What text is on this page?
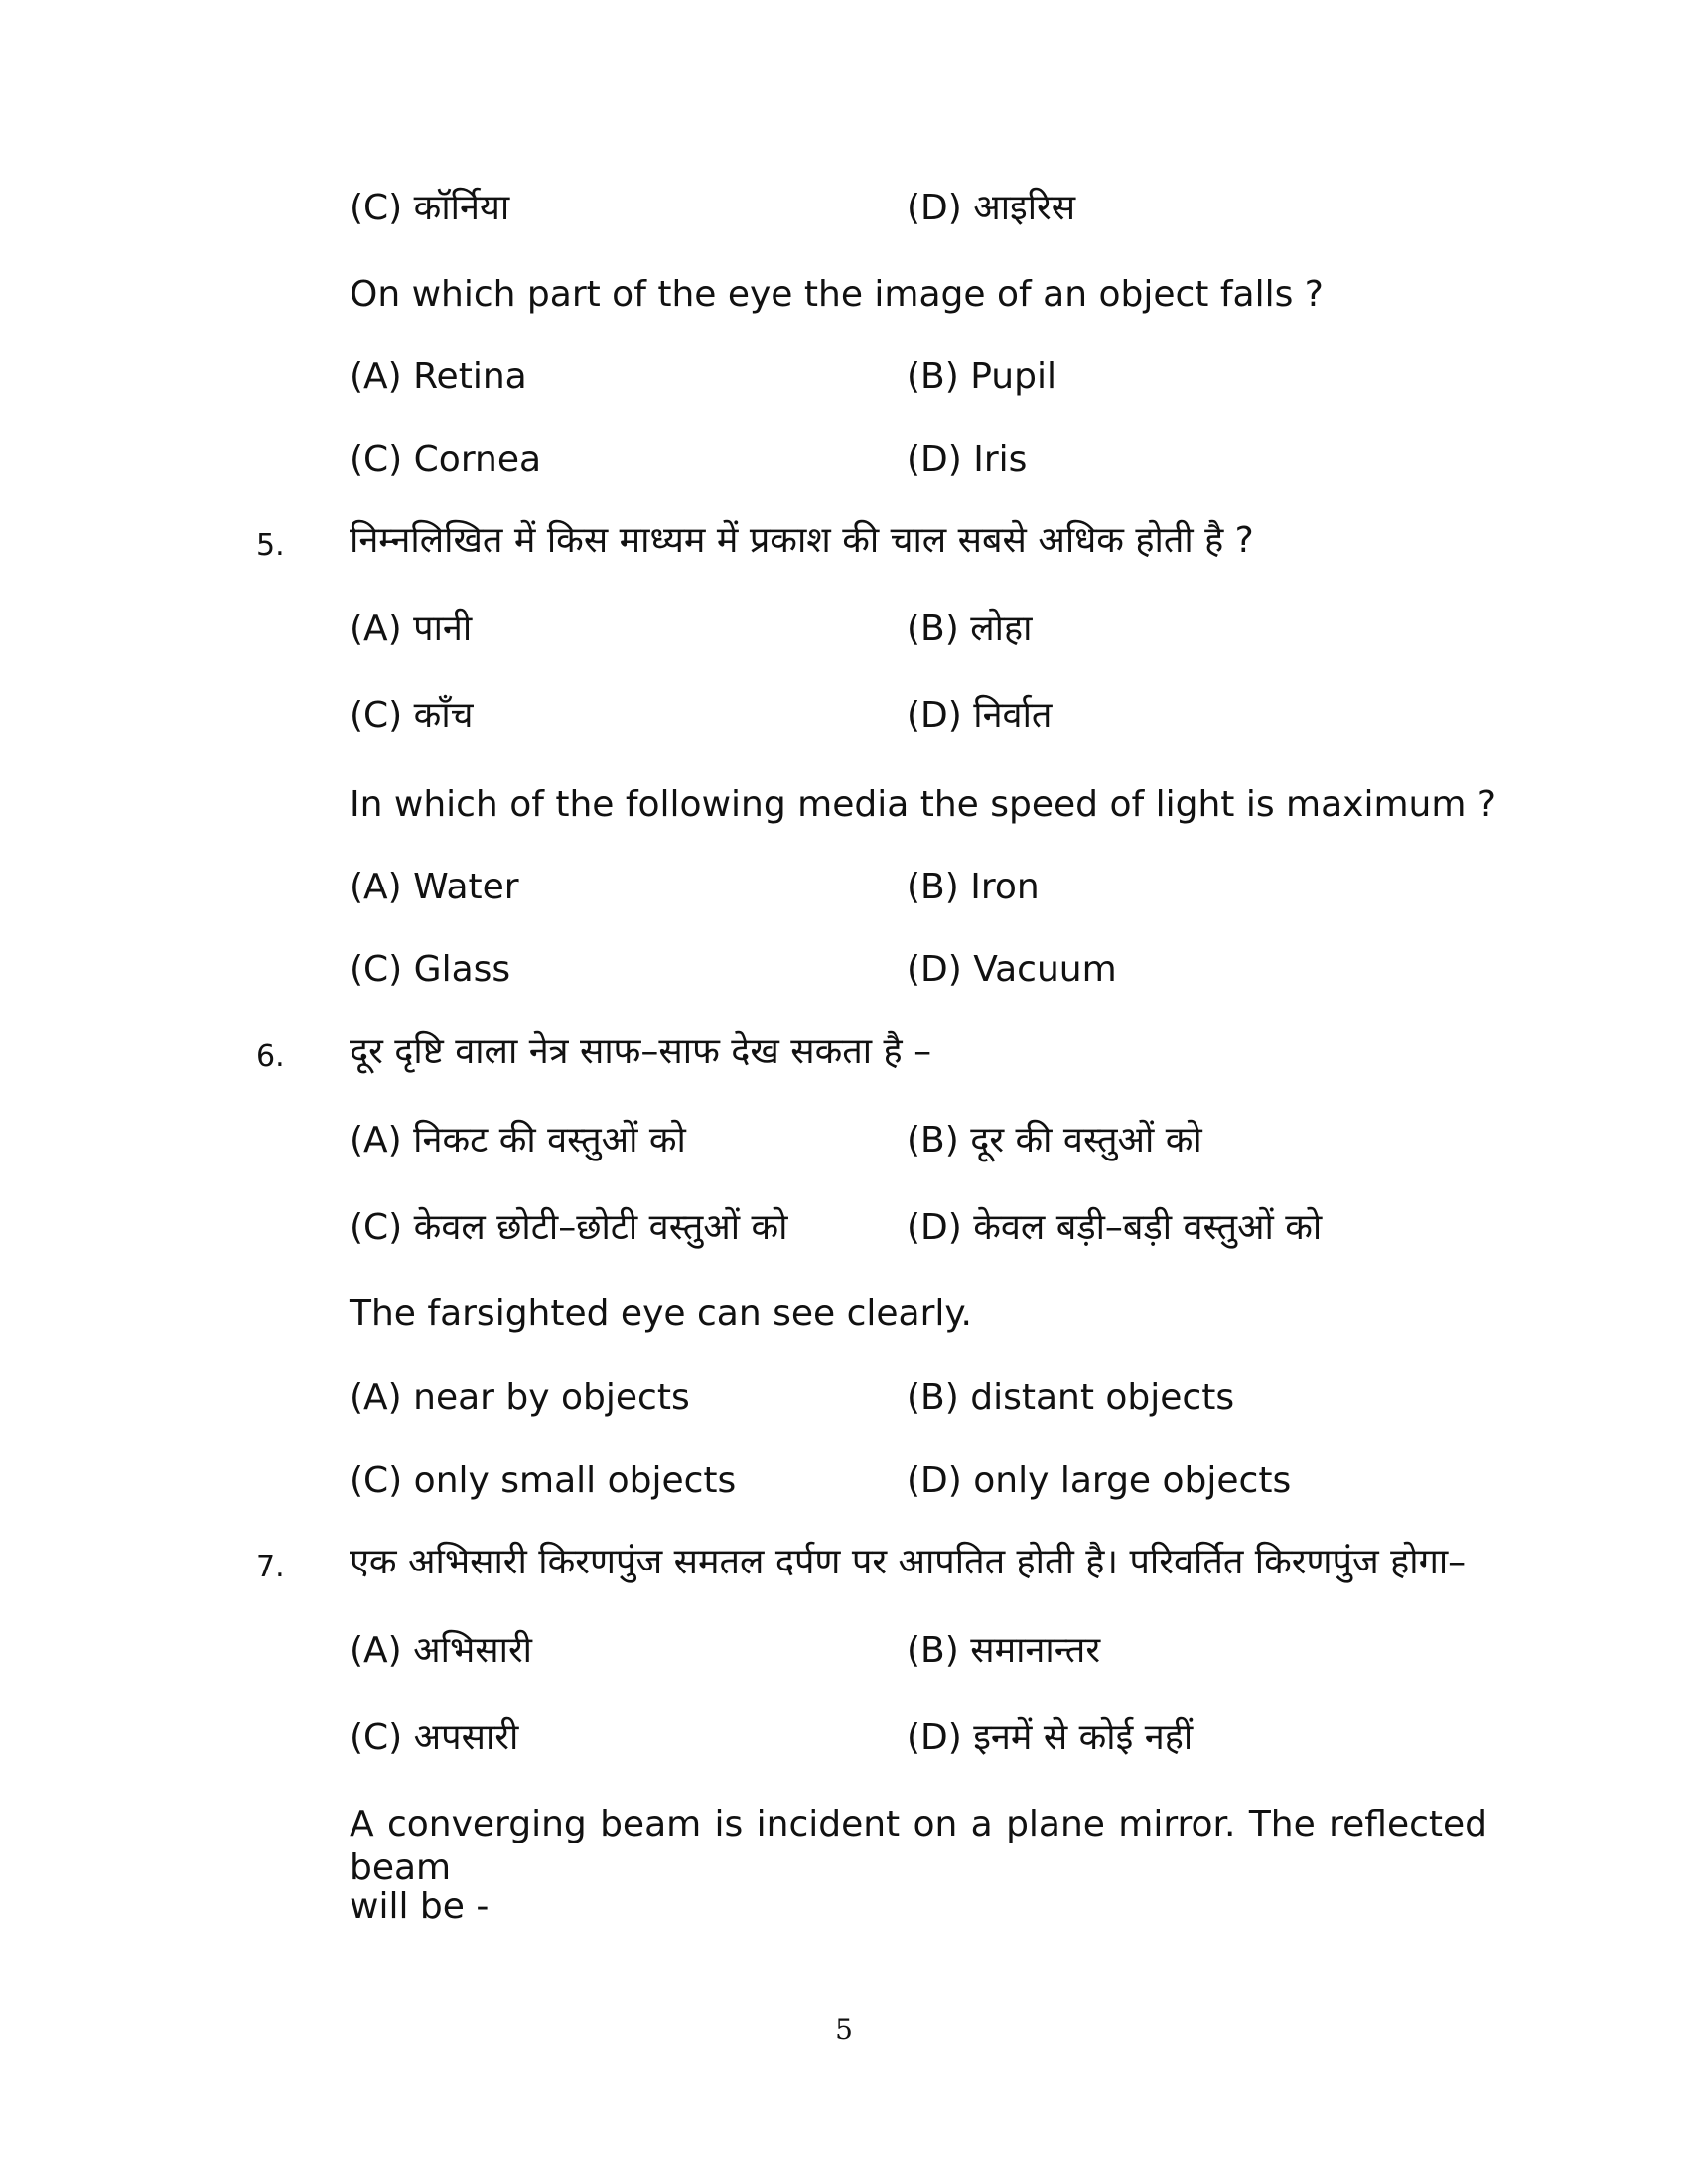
(C) कॉर्निया	(D) आइरिस
On which part of the eye the image of an object falls ?
(A) Retina	(B) Pupil
(C) Cornea	(D) Iris
5. निम्नलिखित में किस माध्यम में प्रकाश की चाल सबसे अधिक होती है ?
(A) पानी	(B) लोहा
(C) काँच	(D) निर्वात
In which of the following media the speed of light is maximum ?
(A) Water	(B) Iron
(C) Glass	(D) Vacuum
6. दूर दृष्टि वाला नेत्र साफ–साफ देख सकता है –
(A) निकट की वस्तुओं को	(B) दूर की वस्तुओं को
(C) केवल छोटी–छोटी वस्तुओं को	(D) केवल बड़ी–बड़ी वस्तुओं को
The farsighted eye can see clearly.
(A) near by objects	(B) distant objects
(C) only small objects	(D) only large objects
7. एक अभिसारी किरणपुंज समतल दर्पण पर आपतित होती है। परिवर्तित किरणपुंज होगा–
(A) अभिसारी	(B) समानान्तर
(C) अपसारी	(D) इनमें से कोई नहीं
A converging beam is incident on a plane mirror. The reflected beam
will be -
5
